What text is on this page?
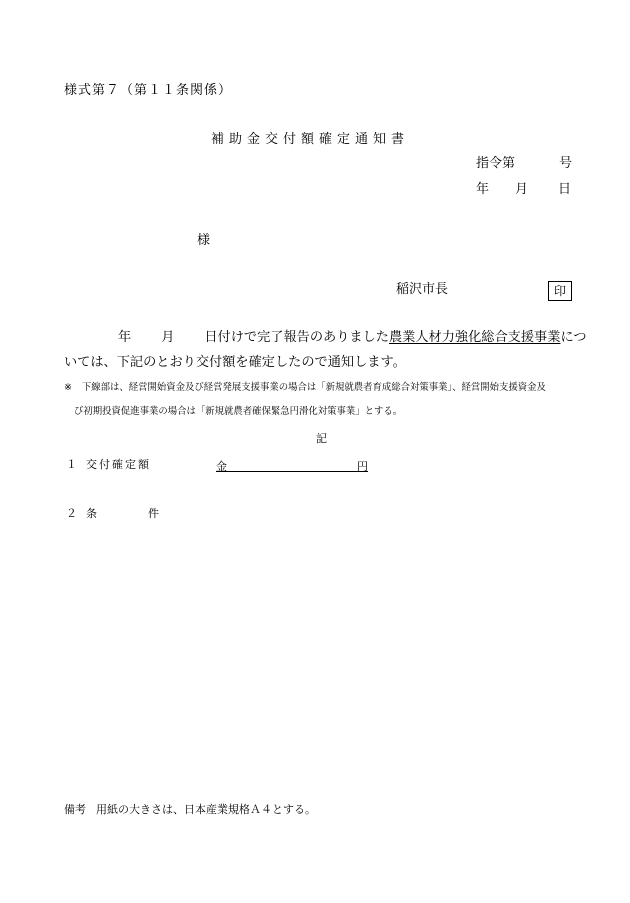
様式第７（第１１条関係）
補助金交付額確定通知書
指令第	号
年 月 日
様
稲沢市長	印
年 月 日付けで完了報告のありました農業人材力強化総合支援事業につ
いては、下記のとおり交付額を確定したので通知します。
※ 下線部は、経営開始資金及び経営発展支援事業の場合は「新規就農者育成総合対策事業」、経営開始支援資金及
び初期投資促進事業の場合は「新規就農者確保緊急円滑化対策事業」とする。
記
１ 交付確定額	金	円
２ 条	件
備考 用紙の大きさは、日本産業規格Ａ４とする。
